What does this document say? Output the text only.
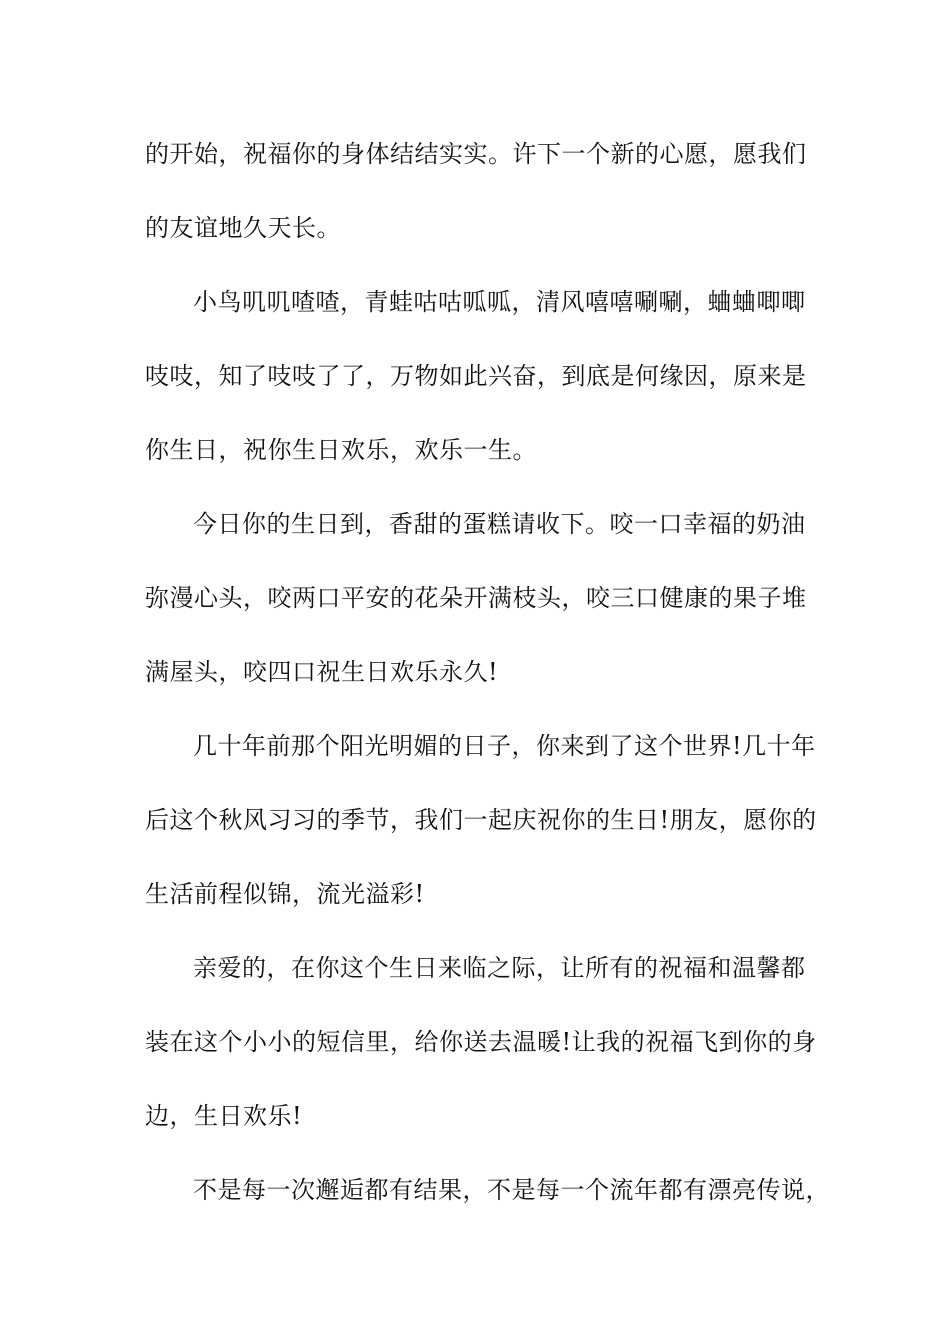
的开始，祝福你的身体结结实实。许下一个新的心愿，愿我们
的友谊地久天长。
小鸟叽叽喳喳，青蛙咕咕呱呱，清风嘻嘻唰唰，蛐蛐唧唧
吱吱，知了吱吱了了，万物如此兴奋，到底是何缘因，原来是
你生日，祝你生日欢乐，欢乐一生。
今日你的生日到，香甜的蛋糕请收下。咬一口幸福的奶油
弥漫心头，咬两口平安的花朵开满枝头，咬三口健康的果子堆
满屋头，咬四口祝生日欢乐永久!
几十年前那个阳光明媚的日子，你来到了这个世界!几十年
后这个秋风习习的季节，我们一起庆祝你的生日!朋友，愿你的
生活前程似锦，流光溢彩!
亲爱的，在你这个生日来临之际，让所有的祝福和温馨都
装在这个小小的短信里，给你送去温暖!让我的祝福飞到你的身
边，生日欢乐!
不是每一次邂逅都有结果，不是每一个流年都有漂亮传说，
